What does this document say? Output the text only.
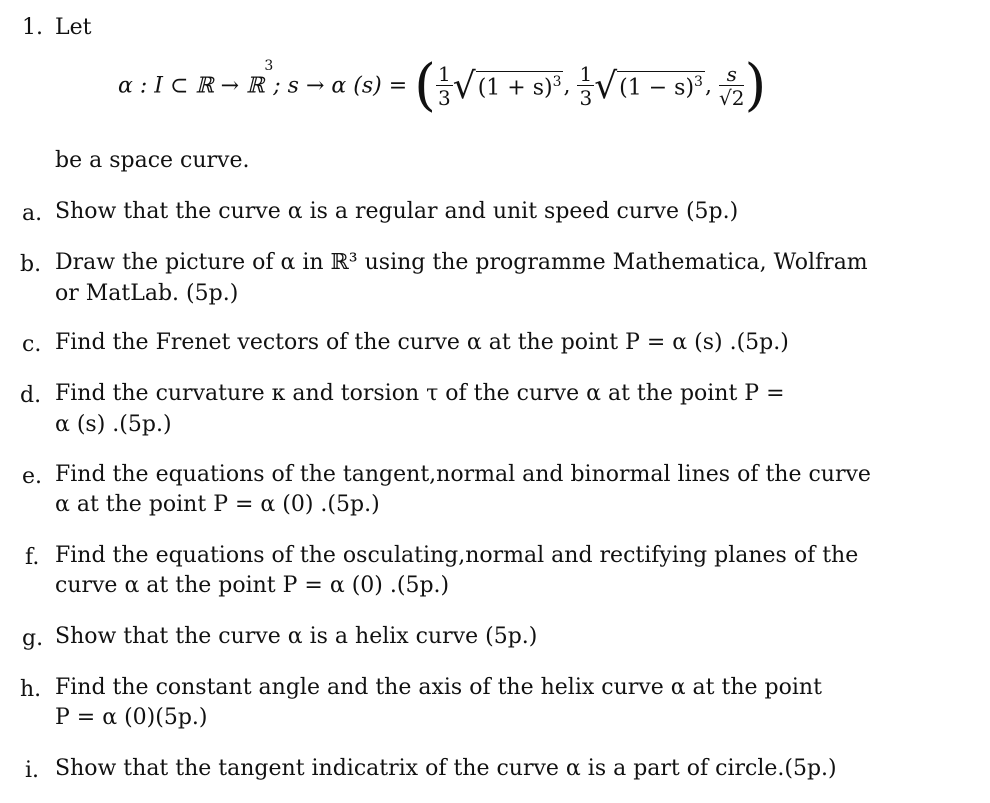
1. Let
α : I ⊂ ℝ → ℝ$^3$; s → α (s) = ( $\frac{1}{3} √(1 + s)^3$, $\frac{1}{3} √(1 - s)^3$, $\frac{s}{√2}$ )
be a space curve.
a. Show that the curve α is a regular and unit speed curve (5p.)
b. Draw the picture of α in ℝ³ using the programme Mathematica, Wolfram
or MatLab. (5p.)
c. Find the Frenet vectors of the curve α at the point P = α (s) .(5p.)
d. Find the curvature κ and torsion τ of the curve α at the point P =
α (s) .(5p.)
e. Find the equations of the tangent,normal and binormal lines of the curve
α at the point P = α (0) .(5p.)
f. Find the equations of the osculating,normal and rectifying planes of the
curve α at the point P = α (0) .(5p.)
g. Show that the curve α is a helix curve (5p.)
h. Find the constant angle and the axis of the helix curve α at the point
P = α (0)(5p.)
i. Show that the tangent indicatrix of the curve α is a part of circle.(5p.)
